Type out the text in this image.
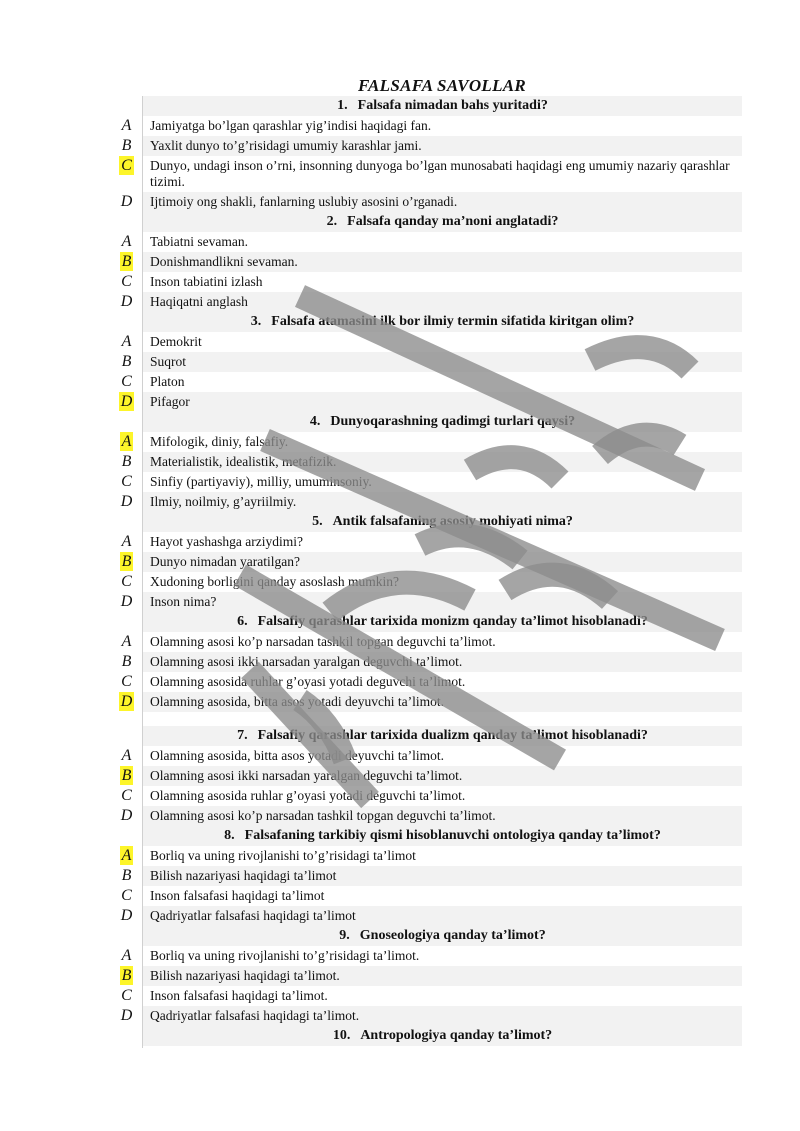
FALSAFA SAVOLLAR
1. Falsafa nimadan bahs yuritadi?
A	Jamiyatga bo’lgan qarashlar yig’indisi haqidagi fan.
B	Yaxlit dunyo to’g’risidagi umumiy karashlar jami.
C	Dunyo, undagi inson o’rni, insonning dunyoga bo’lgan munosabati haqidagi eng umumiy nazariy qarashlar tizimi.
D	Ijtimoiy ong shakli, fanlarning uslubiy asosini o’rganadi.
2. Falsafa qanday ma’noni anglatadi?
A	Tabiatni sevaman.
B	Donishmandlikni sevaman.
C	Inson tabiatini izlash
D	Haqiqatni anglash
3. Falsafa atamasini ilk bor ilmiy termin sifatida kiritgan olim?
A	Demokrit
B	Suqrot
C	Platon
D	Pifagor
4. Dunyoqarashning qadimgi turlari qaysi?
A	Mifologik, diniy, falsafiy.
B	Materialistik, idealistik, metafizik.
C	Sinfiy (partiyaviy), milliy, umuminsoniy.
D	Ilmiy, noilmiy, g’ayriilmiy.
5. Antik falsafaning asosiy mohiyati nima?
A	Hayot yashashga arziydimi?
B	Dunyo nimadan yaratilgan?
C	Xudoning borligini qanday asoslash mumkin?
D	Inson nima?
6. Falsafiy qarashlar tarixida monizm qanday ta’limot hisoblanadi?
A	Olamning asosi ko’p narsadan tashkil topgan deguvchi ta’limot.
B	Olamning asosi ikki narsadan yaralgan deguvchi ta’limot.
C	Olamning asosida ruhlar g’oyasi yotadi deguvchi ta’limot.
D	Olamning asosida, bitta asos yotadi deyuvchi ta’limot.
7. Falsafiy qarashlar tarixida dualizm qanday ta’limot hisoblanadi?
A	Olamning asosida, bitta asos yotadi deyuvchi ta’limot.
B	Olamning asosi ikki narsadan yaralgan deguvchi ta’limot.
C	Olamning asosida ruhlar g’oyasi yotadi deguvchi ta’limot.
D	Olamning asosi ko’p narsadan tashkil topgan deguvchi ta’limot.
8. Falsafaning tarkibiy qismi hisoblanuvchi ontologiya qanday ta’limot?
A	Borliq va uning rivojlanishi to’g’risidagi ta’limot
B	Bilish nazariyasi haqidagi ta’limot
C	Inson falsafasi haqidagi ta’limot
D	Qadriyatlar falsafasi haqidagi ta’limot
9. Gnoseologiya qanday ta’limot?
A	Borliq va uning rivojlanishi to’g’risidagi ta’limot.
B	Bilish nazariyasi haqidagi ta’limot.
C	Inson falsafasi haqidagi ta’limot.
D	Qadriyatlar falsafasi haqidagi ta’limot.
10. Antropologiya qanday ta’limot?
